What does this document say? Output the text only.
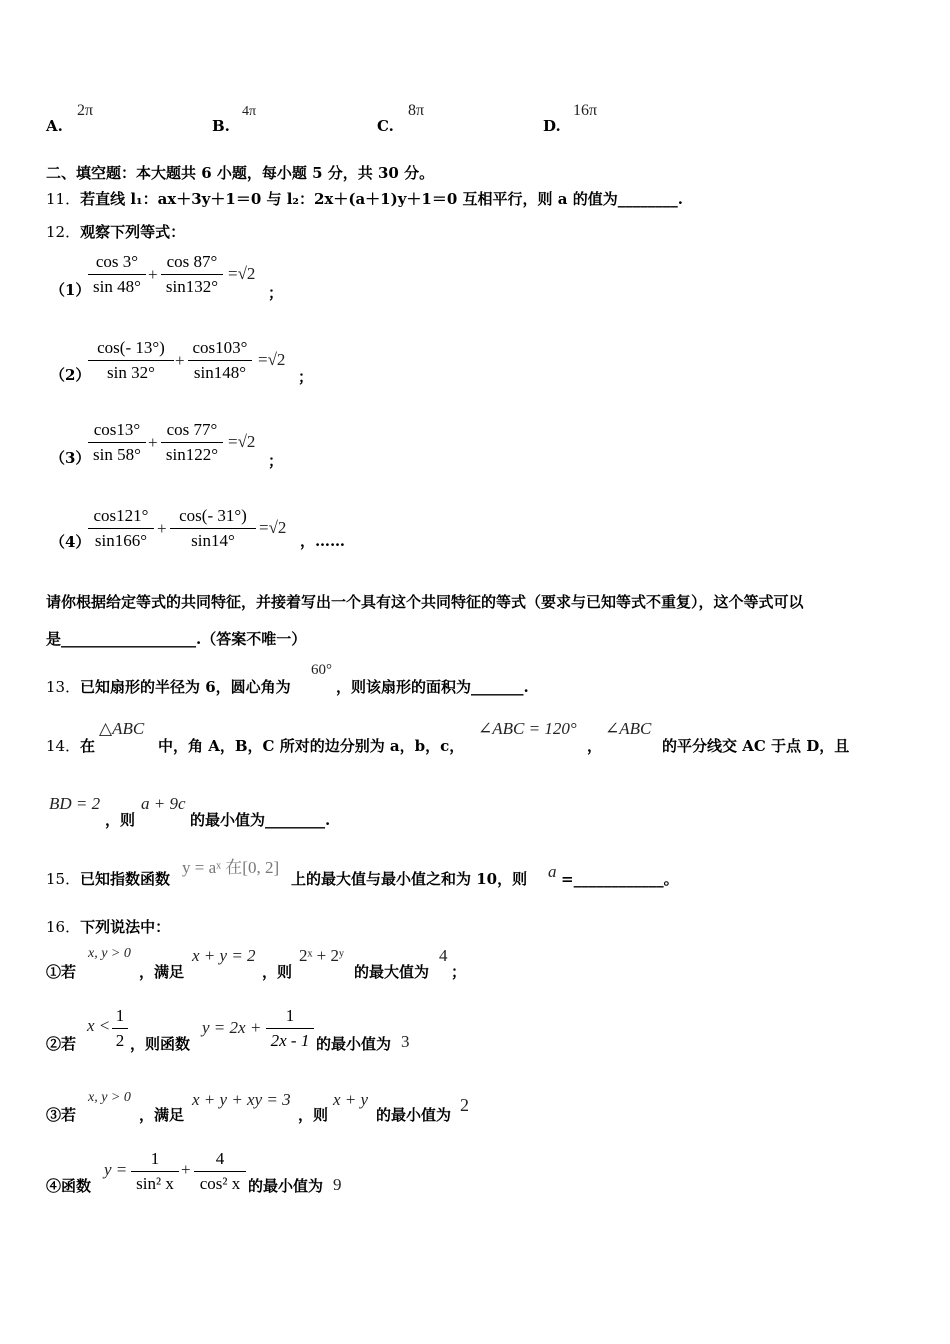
A.
2π
B.
4π
C.
8π
D.
16π
二、填空题：本大题共 6 小题，每小题 5 分，共 30 分。
11．若直线 l₁：ax＋3y＋1＝0 与 l₂：2x＋(a＋1)y＋1＝0 互相平行，则 a 的值为________.
12．观察下列等式：
（1）
$\frac{\cos 3^\circ}{\sin 48^\circ} + \frac{\cos 87^\circ}{\sin 132^\circ} =√2$
；
（2）
$\frac{\cos(- 13^\circ)}{\sin 32^\circ} + \frac{\cos 103^\circ}{\sin 148^\circ} =√2$
；
（3）
$\frac{\cos 13^\circ}{\sin 58^\circ} + \frac{\cos 77^\circ}{\sin 122^\circ} =√2$
；
（4）
$\frac{\cos 121^\circ}{\sin 166^\circ} + \frac{\cos(- 31^\circ)}{\sin 14^\circ} =√2$
，……
请你根据给定等式的共同特征，并接着写出一个具有这个共同特征的等式（要求与已知等式不重复），这个等式可以
是__________________.（答案不唯一）
13． 已知扇形的半径为 6，圆心角为
60°
，则该扇形的面积为_______.
14． 在
△ABC
中，角 A，B，C 所对的边分别为 a，b，c，
∠ABC = 120°
，
∠ABC
的平分线交 AC 于点 D，且
BD = 2
，则
a + 9c
的最小值为________.
15． 已知指数函数
y = aˣ 在[0, 2]
上的最大值与最小值之和为 10，则 a =____________。
16．下列说法中：
①若
x, y > 0
，满足
x + y = 2
，则
2ˣ + 2ʸ
的最大值为
4
；
②若
$x < \frac{1}{2}$ ，则函数
$y = 2x + \frac{1}{2x - 1}$ 的最小值为 3
③若
x, y > 0
，满足
x + y + xy = 3
，则
x + y
的最小值为 2
④函数
$y = \frac{1}{\text{sin² x}} + \frac{4}{\text{cos² x}}$ 的最小值为 9
